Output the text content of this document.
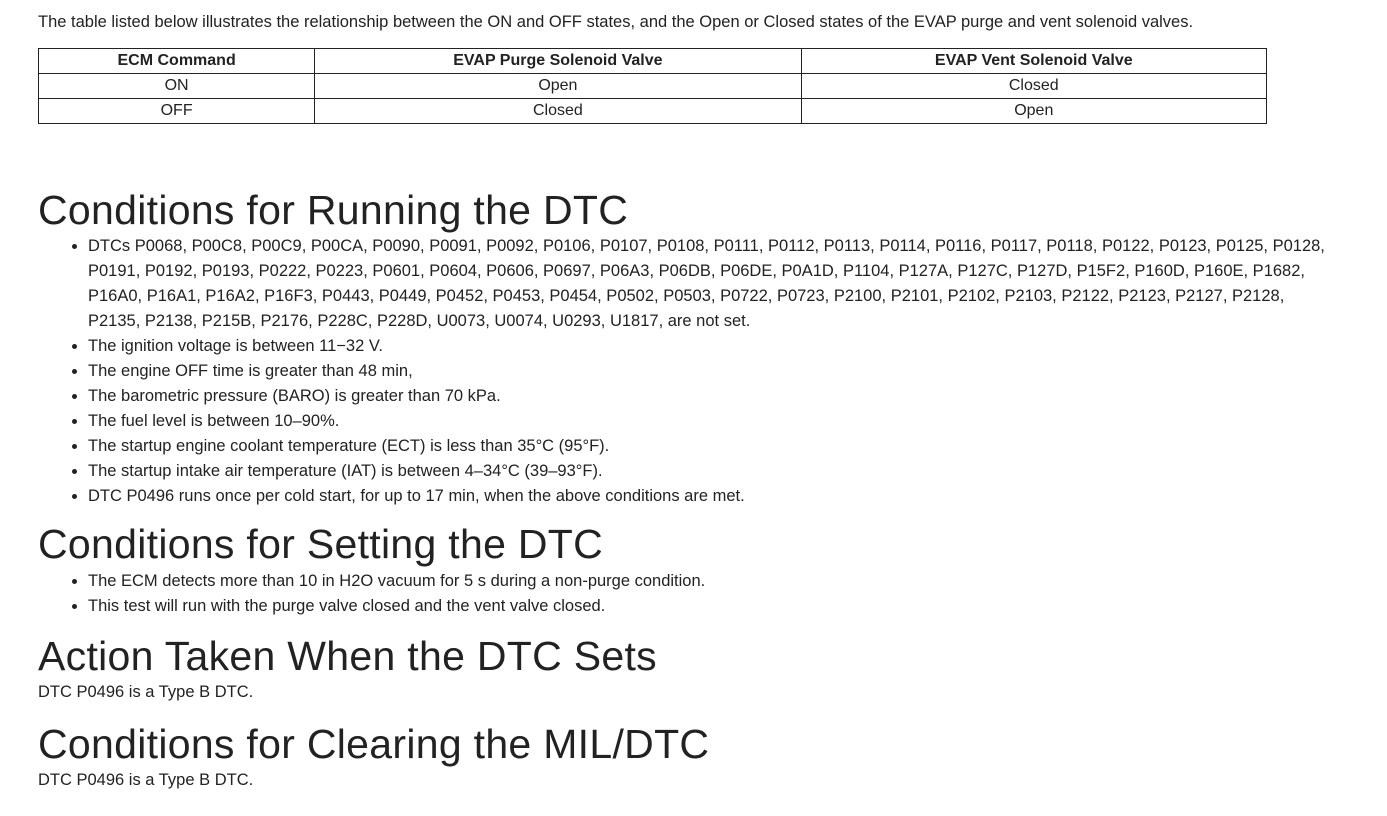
The table listed below illustrates the relationship between the ON and OFF states, and the Open or Closed states of the EVAP purge and vent solenoid valves.

ECM Command	EVAP Purge Solenoid Valve	EVAP Vent Solenoid Valve
ON	Open	Closed
OFF	Closed	Open
Conditions for Running the DTC
• DTCs P0068, P00C8, P00C9, P00CA, P0090, P0091, P0092, P0106, P0107, P0108, P0111, P0112, P0113, P0114, P0116, P0117, P0118, P0122, P0123, P0125, P0128, P0191, P0192, P0193, P0222, P0223, P0601, P0604, P0606, P0697, P06A3, P06DB, P06DE, P0A1D, P1104, P127A, P127C, P127D, P15F2, P160D, P160E, P1682, P16A0, P16A1, P16A2, P16F3, P0443, P0449, P0452, P0453, P0454, P0502, P0503, P0722, P0723, P2100, P2101, P2102, P2103, P2122, P2123, P2127, P2128, P2135, P2138, P215B, P2176, P228C, P228D, U0073, U0074, U0293, U1817, are not set.
• The ignition voltage is between 11−32 V.
• The engine OFF time is greater than 48 min,
• The barometric pressure (BARO) is greater than 70 kPa.
• The fuel level is between 10–90%.
• The startup engine coolant temperature (ECT) is less than 35°C (95°F).
• The startup intake air temperature (IAT) is between 4–34°C (39–93°F).
• DTC P0496 runs once per cold start, for up to 17 min, when the above conditions are met.
Conditions for Setting the DTC
• The ECM detects more than 10 in H2O vacuum for 5 s during a non-purge condition.
• This test will run with the purge valve closed and the vent valve closed.
Action Taken When the DTC Sets

DTC P0496 is a Type B DTC.

Conditions for Clearing the MIL/DTC

DTC P0496 is a Type B DTC.
